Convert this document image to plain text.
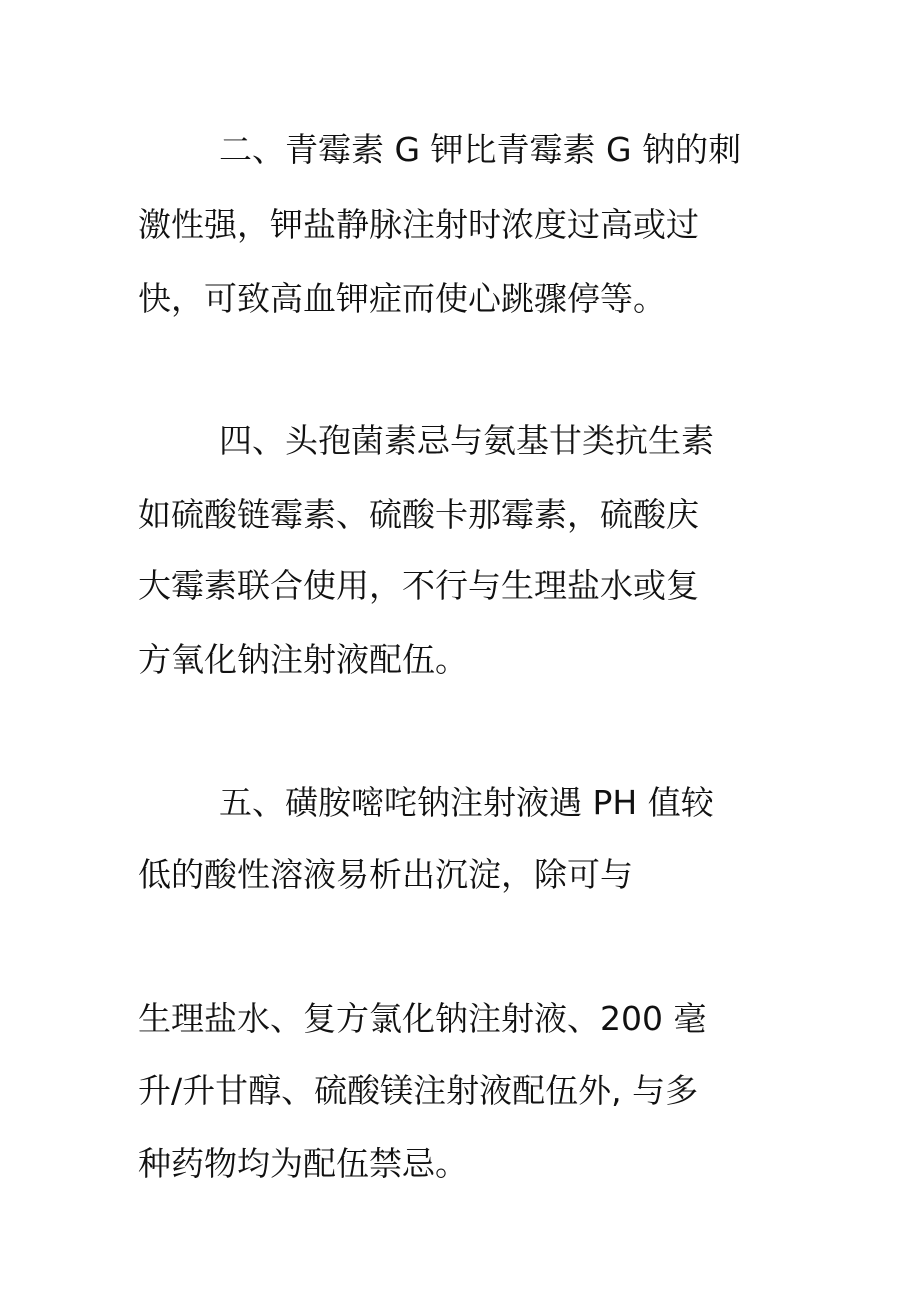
二、青霉素 G 钾比青霉素 G 钠的刺

激性强，钾盐静脉注射时浓度过高或过

快，可致高血钾症而使心跳骤停等。

四、头孢菌素忌与氨基甘类抗生素

如硫酸链霉素、硫酸卡那霉素，硫酸庆

大霉素联合使用，不行与生理盐水或复

方氧化钠注射液配伍。

五、磺胺嘧咤钠注射液遇 PH 值较

低的酸性溶液易析出沉淀，除可与

生理盐水、复方氯化钠注射液、200 毫

升/升甘醇、硫酸镁注射液配伍外, 与多

种药物均为配伍禁忌。
